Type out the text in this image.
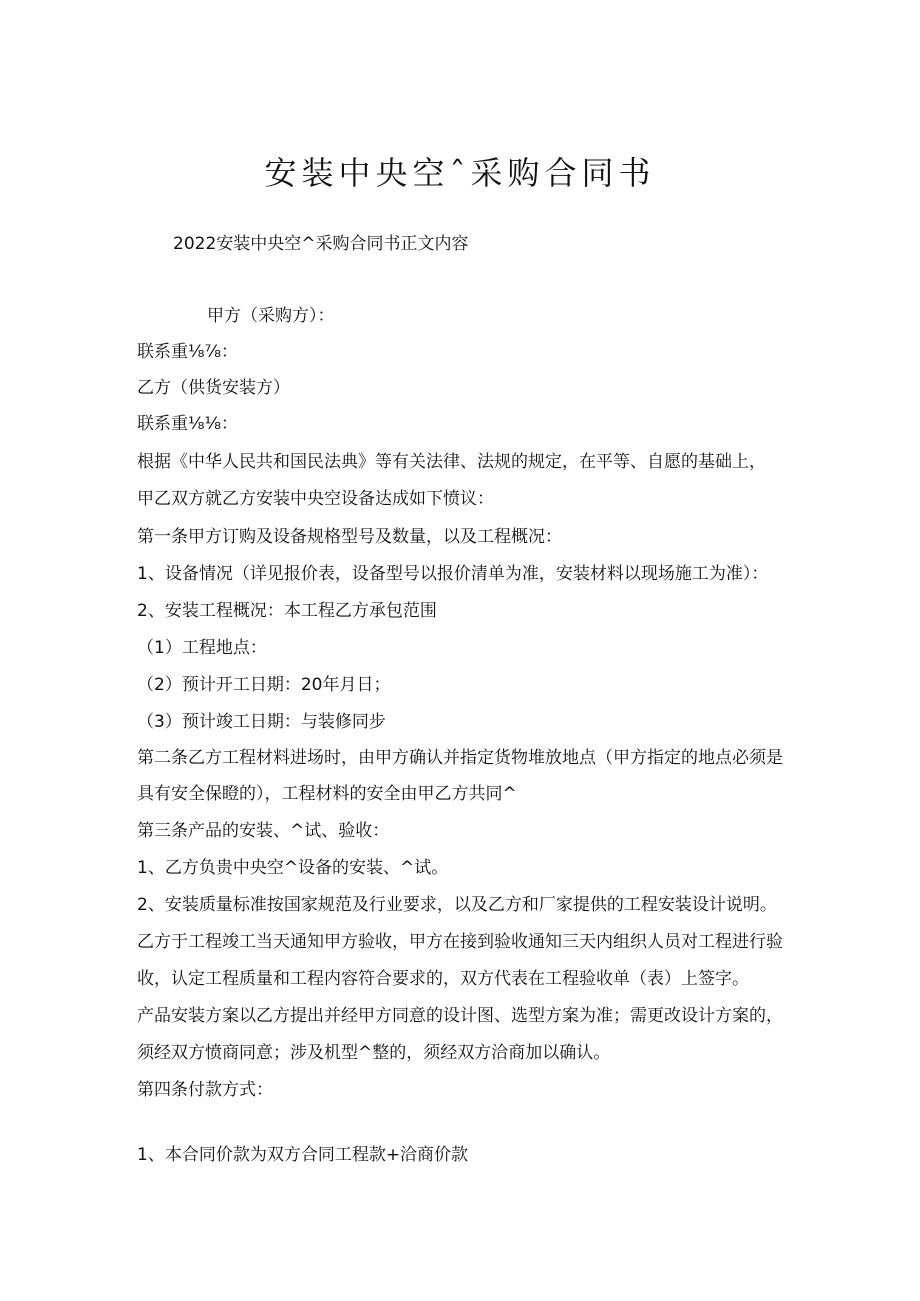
安装中央空ˆ采购合同书

2022安装中央空^采购合同书正文内容

甲方（采购方）：

联系重⅛⅞：

乙方（供货安装方）

联系重⅛⅛：

根据《中华人民共和国民法典》等有关法律、法规的规定，在平等、自愿的基础上，

甲乙双方就乙方安装中央空设备达成如下愤议：

第一条甲方订购及设备规格型号及数量，以及工程概况：

1、设备情况（详见报价表，设备型号以报价清单为准，安装材料以现场施工为准）：

2、安装工程概况：本工程乙方承包范围

（1）工程地点：

（2）预计开工日期：20年月日；

（3）预计竣工日期：与装修同步

第二条乙方工程材料进场时，由甲方确认并指定货物堆放地点（甲方指定的地点必须是

具有安全保瞪的），工程材料的安全由甲乙方共同^

第三条产品的安装、^试、验收：

1、乙方负贵中央空^设备的安装、^试。

2、安装质量标准按国家规范及行业要求，以及乙方和厂家提供的工程安装设计说明。

乙方于工程竣工当天通知甲方验收，甲方在接到验收通知三天内组织人员对工程进行验

收，认定工程质量和工程内容符合要求的，双方代表在工程验收单（表）上签字。

产品安装方案以乙方提出并经甲方同意的设计图、选型方案为准；需更改设计方案的，

须经双方愤商同意；涉及机型^整的，须经双方洽商加以确认。

第四条付款方式：

1、本合同价款为双方合同工程款+洽商价款
